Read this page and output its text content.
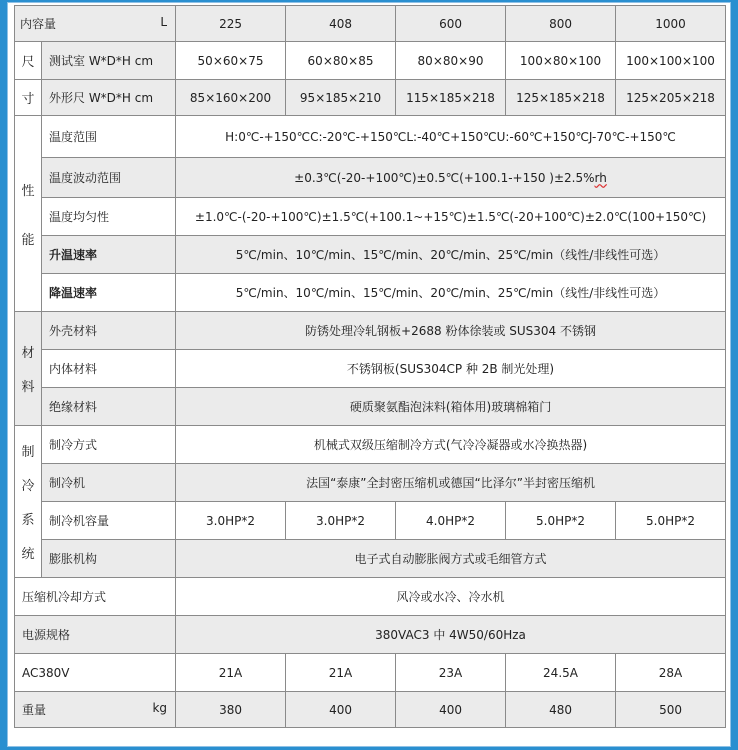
内容量 L		225	408	600	800	1000
尺	测试室 W*D*H cm	50×60×75	60×80×85	80×80×90	100×80×100	100×100×100
寸	外形尺 W*D*H cm	85×160×200	95×185×210	115×185×218	125×185×218	125×205×218
性

能	温度范围	H:0℃-+150℃C:-20℃-+150℃L:-40℃+150℃U:-60℃+150℃J-70℃-+150℃				
	温度波动范围	±0.3℃(-20-+100℃)±0.5℃(+100.1-+150 )±2.5%rh				
	温度均匀性	±1.0℃-(-20-+100℃)±1.5℃(+100.1~+15℃)±1.5℃(-20+100℃)±2.0℃(100+150℃)				
	升温速率	5℃/min、10℃/min、15℃/min、20℃/min、25℃/min（线性/非线性可选）				
	降温速率	5℃/min、10℃/min、15℃/min、20℃/min、25℃/min（线性/非线性可选）				
材

料	外壳材料	防锈处理冷轧钢板+2688 粉体徐装或 SUS304 不锈钢				
	内体材料	不锈钢板(SUS304CP 种 2B 制光处理)				
	绝缘材料	硬质聚氨酯泡沫料(箱体用)玻璃棉箱门				
制

冷

系

统	制冷方式	机械式双级压缩制冷方式(气冷冷凝器或水冷换热器)				
	制冷机	法国“泰康”全封密压缩机或德国“比泽尔”半封密压缩机				
	制冷机容量	3.0HP*2	3.0HP*2	4.0HP*2	5.0HP*2	5.0HP*2
	膨胀机构	电子式自动膨胀阀方式或毛细管方式				
压缩机冷却方式		风冷或水冷、冷水机				
电源规格		380VAC3 中 4W50/60Hza				
AC380V		21A	21A	23A	24.5A	28A
重量 kg		380	400	400	480	500
